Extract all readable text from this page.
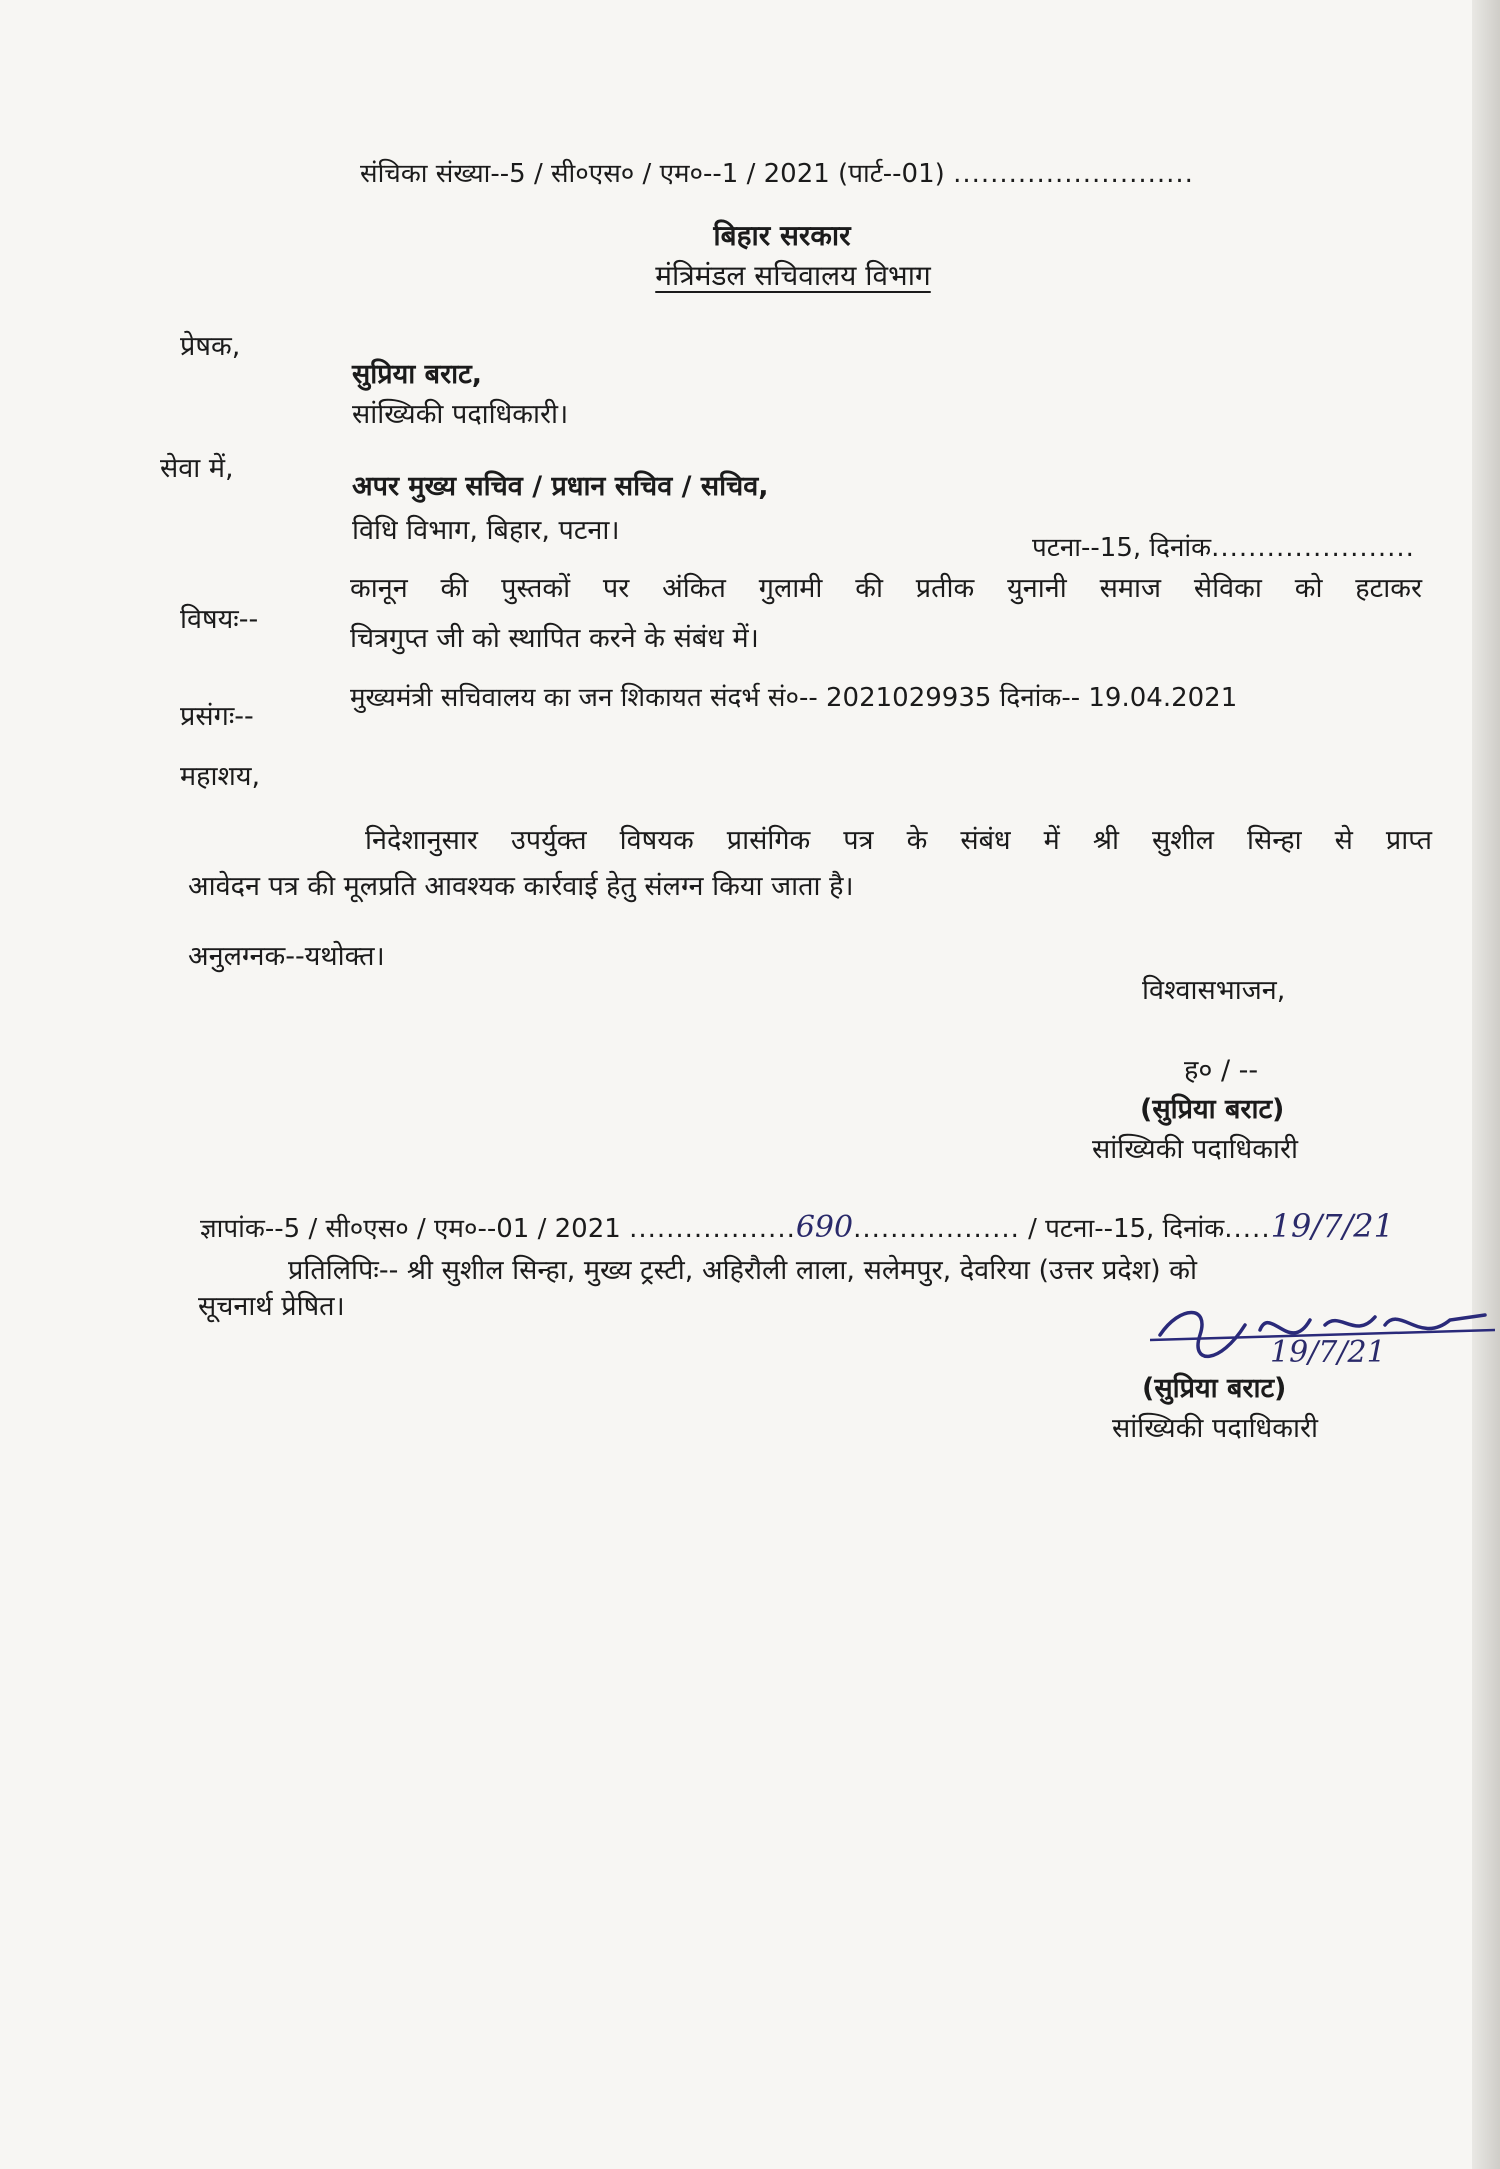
संचिका संख्या--5 / सी०एस० / एम०--1 / 2021 (पार्ट--01) ..........................
बिहार सरकार
मंत्रिमंडल सचिवालय विभाग
प्रेषक,
सुप्रिया बराट,
सांख्यिकी पदाधिकारी।
सेवा में,
अपर मुख्य सचिव / प्रधान सचिव / सचिव,
विधि विभाग, बिहार, पटना।
पटना--15, दिनांक......................
विषयः--
कानून की पुस्तकों पर अंकित गुलामी की प्रतीक युनानी समाज सेविका को हटाकर
चित्रगुप्त जी को स्थापित करने के संबंध में।
प्रसंगः--
मुख्यमंत्री सचिवालय का जन शिकायत संदर्भ सं०-- 2021029935 दिनांक-- 19.04.2021
महाशय,
निदेशानुसार उपर्युक्त विषयक प्रासंगिक पत्र के संबंध में श्री सुशील सिन्हा से प्राप्त
आवेदन पत्र की मूलप्रति आवश्यक कार्रवाई हेतु संलग्न किया जाता है।
अनुलग्नक--यथोक्त।
विश्वासभाजन,
ह० / --
(सुप्रिया बराट)
सांख्यिकी पदाधिकारी
ज्ञापांक--5 / सी०एस० / एम०--01 / 2021 ..................690.................. / पटना--15, दिनांक.....19/7/21
प्रतिलिपिः-- श्री सुशील सिन्हा, मुख्य ट्रस्टी, अहिरौली लाला, सलेमपुर, देवरिया (उत्तर प्रदेश) को
सूचनार्थ प्रेषित।
19/7/21
(सुप्रिया बराट)
सांख्यिकी पदाधिकारी
